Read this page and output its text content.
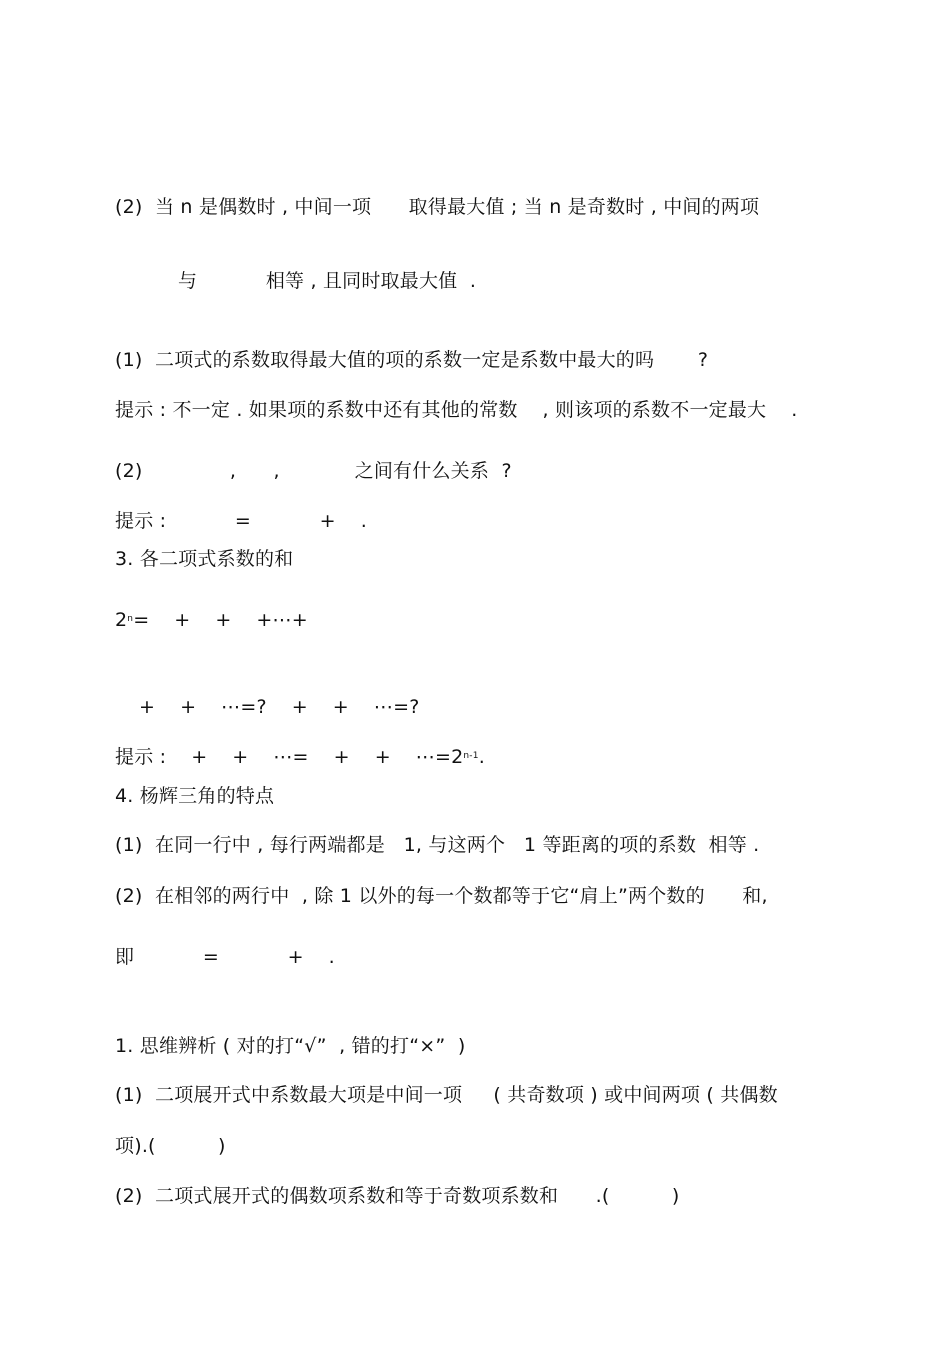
(2)  当 n 是偶数时 , 中间一项      取得最大值 ; 当 n 是奇数时 , 中间的两项

与           相等 , 且同时取最大值  .

(1)  二项式的系数取得最大值的项的系数一定是系数中最大的吗       ?

提示 : 不一定 . 如果项的系数中还有其他的常数    , 则该项的系数不一定最大    .

(2)              ,      ,            之间有什么关系  ?

提示 :           =           +    .

3. 各二项式系数的和

$2^n=$    +    +    +⋯+

+    +    ⋯=?    +    +    ⋯=?

提示 :    +    +    ⋯=    +    +    $\cdots=2^{n-1}$.

4. 杨辉三角的特点

(1)  在同一行中 , 每行两端都是   1, 与这两个   1 等距离的项的系数  相等 .

(2)  在相邻的两行中  , 除 1 以外的每一个数都等于它“肩上”两个数的      和,

即           =           +    .

1. 思维辨析 ( 对的打“√”  , 错的打“×”  )

(1)  二项展开式中系数最大项是中间一项     ( 共奇数项 ) 或中间两项 ( 共偶数

项).(          )

(2)  二项式展开式的偶数项系数和等于奇数项系数和      .(          )
